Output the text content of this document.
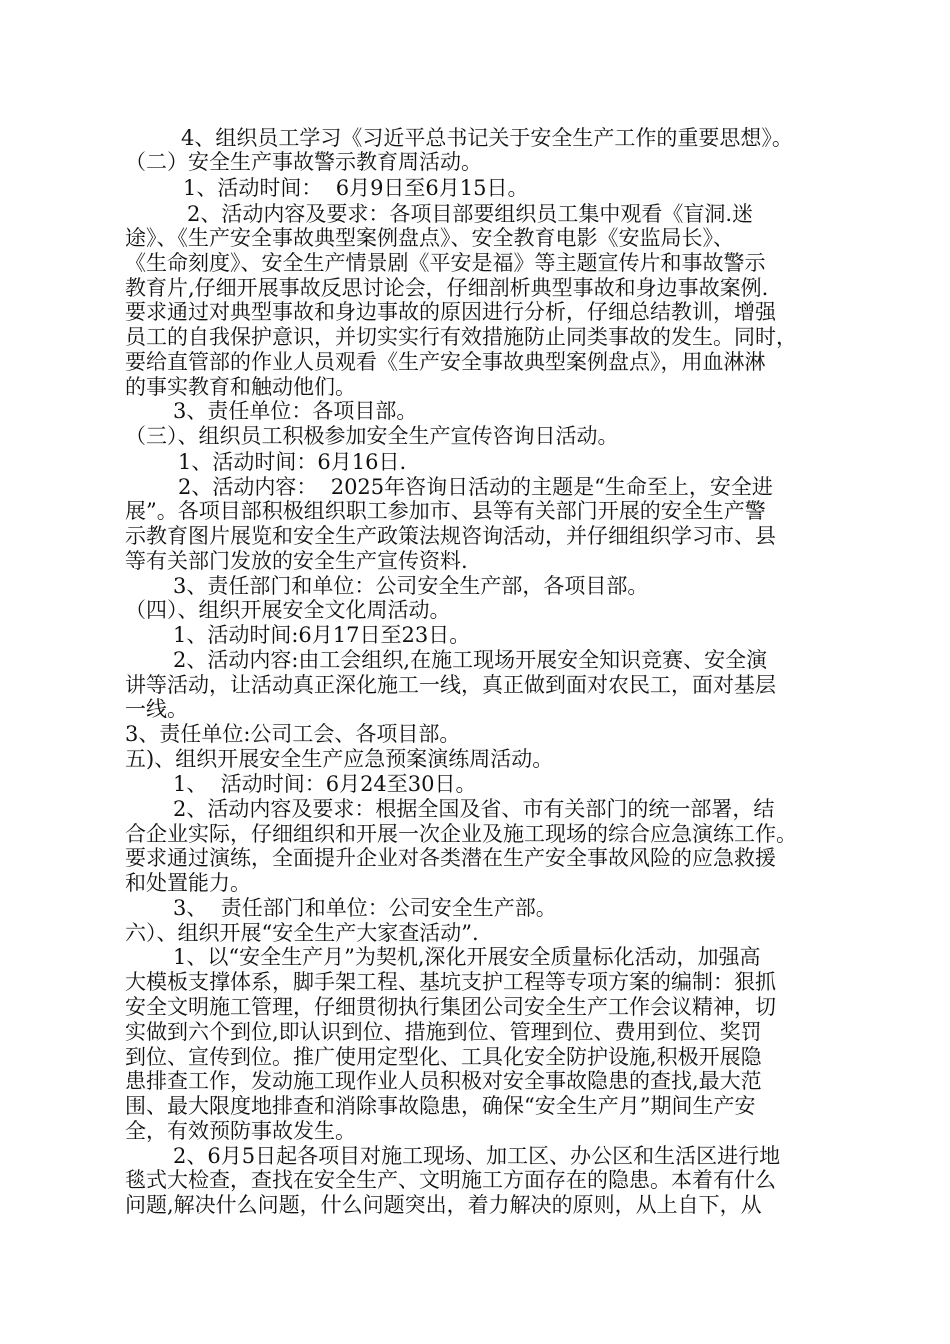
4、组织员工学习《习近平总书记关于安全生产工作的重要思想》。

（二）安全生产事故警示教育周活动。

1、活动时间：  6月9日至6月15日。

2、活动内容及要求：各项目部要组织员工集中观看《盲洞.迷

途》、《生产安全事故典型案例盘点》、安全教育电影《安监局长》、

《生命刻度》、安全生产情景剧《平安是福》等主题宣传片和事故警示

教育片,仔细开展事故反思讨论会，仔细剖析典型事故和身边事故案例.

要求通过对典型事故和身边事故的原因进行分析，仔细总结教训，增强

员工的自我保护意识，并切实实行有效措施防止同类事故的发生。同时，

要给直管部的作业人员观看《生产安全事故典型案例盘点》，用血淋淋

的事实教育和触动他们。

3、责任单位：各项目部。

（三）、组织员工积极参加安全生产宣传咨询日活动。

1、活动时间：6月16日.

2、活动内容：  2025年咨询日活动的主题是“生命至上，安全进

展”。各项目部积极组织职工参加市、县等有关部门开展的安全生产警

示教育图片展览和安全生产政策法规咨询活动，并仔细组织学习市、县

等有关部门发放的安全生产宣传资料.

3、责任部门和单位：公司安全生产部，各项目部。

（四）、组织开展安全文化周活动。

1、活动时间:6月17日至23日。

2、活动内容:由工会组织,在施工现场开展安全知识竞赛、安全演

讲等活动，让活动真正深化施工一线，真正做到面对农民工，面对基层

一线。

3、责任单位:公司工会、各项目部。

五)、组织开展安全生产应急预案演练周活动。

1、  活动时间：6月24至30日。

2、活动内容及要求：根据全国及省、市有关部门的统一部署，结

合企业实际，仔细组织和开展一次企业及施工现场的综合应急演练工作。

要求通过演练，全面提升企业对各类潜在生产安全事故风险的应急救援

和处置能力。

3、  责任部门和单位：公司安全生产部。

六）、组织开展“安全生产大家查活动”.

1、以“安全生产月”为契机,深化开展安全质量标化活动，加强高

大模板支撑体系，脚手架工程、基坑支护工程等专项方案的编制：狠抓

安全文明施工管理，仔细贯彻执行集团公司安全生产工作会议精神，切

实做到六个到位,即认识到位、措施到位、管理到位、费用到位、奖罚

到位、宣传到位。推广使用定型化、工具化安全防护设施,积极开展隐

患排查工作，发动施工现作业人员积极对安全事故隐患的查找,最大范

围、最大限度地排查和消除事故隐患，确保“安全生产月”期间生产安

全，有效预防事故发生。

2、6月5日起各项目对施工现场、加工区、办公区和生活区进行地

毯式大检查，查找在安全生产、文明施工方面存在的隐患。本着有什么

问题,解决什么问题，什么问题突出，着力解决的原则，从上自下，从
